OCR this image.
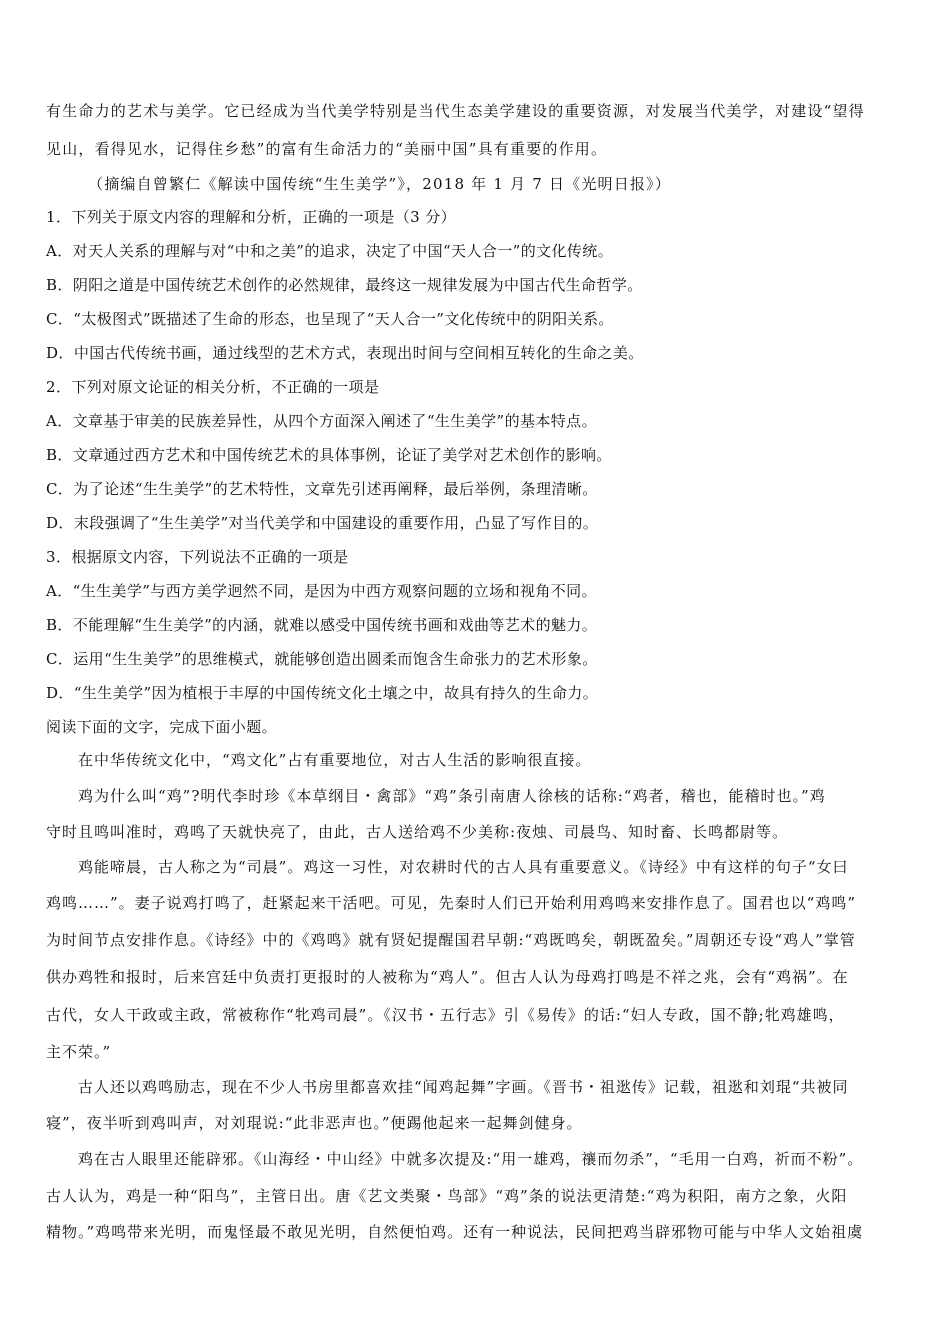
有生命力的艺术与美学。它已经成为当代美学特别是当代生态美学建设的重要资源，对发展当代美学，对建设“望得
见山，看得见水，记得住乡愁”的富有生命活力的“美丽中国”具有重要的作用。
（摘编自曾繁仁《解读中国传统“生生美学”》，2018 年 1 月 7 日《光明日报》）
1．下列关于原文内容的理解和分析，正确的一项是（3 分）
A．对天人关系的理解与对“中和之美”的追求，决定了中国“天人合一”的文化传统。
B．阴阳之道是中国传统艺术创作的必然规律，最终这一规律发展为中国古代生命哲学。
C．“太极图式”既描述了生命的形态，也呈现了“天人合一”文化传统中的阴阳关系。
D．中国古代传统书画，通过线型的艺术方式，表现出时间与空间相互转化的生命之美。
2．下列对原文论证的相关分析，不正确的一项是
A．文章基于审美的民族差异性，从四个方面深入阐述了“生生美学”的基本特点。
B．文章通过西方艺术和中国传统艺术的具体事例，论证了美学对艺术创作的影响。
C．为了论述“生生美学”的艺术特性，文章先引述再阐释，最后举例，条理清晰。
D．末段强调了“生生美学”对当代美学和中国建设的重要作用，凸显了写作目的。
3．根据原文内容，下列说法不正确的一项是
A．“生生美学”与西方美学迥然不同，是因为中西方观察问题的立场和视角不同。
B．不能理解“生生美学”的内涵，就难以感受中国传统书画和戏曲等艺术的魅力。
C．运用“生生美学”的思维模式，就能够创造出圆柔而饱含生命张力的艺术形象。
D．“生生美学”因为植根于丰厚的中国传统文化土壤之中，故具有持久的生命力。
阅读下面的文字，完成下面小题。
在中华传统文化中，“鸡文化”占有重要地位，对古人生活的影响很直接。
鸡为什么叫“鸡”?明代李时珍《本草纲目・禽部》“鸡”条引南唐人徐核的话称:“鸡者，稽也，能稽时也。”鸡
守时且鸣叫准时，鸡鸣了天就快亮了，由此，古人送给鸡不少美称:夜烛、司晨鸟、知时畜、长鸣都尉等。
鸡能啼晨，古人称之为“司晨”。鸡这一习性，对农耕时代的古人具有重要意义。《诗经》中有这样的句子“女曰
鸡鸣……”。妻子说鸡打鸣了，赶紧起来干活吧。可见，先秦时人们已开始利用鸡鸣来安排作息了。国君也以“鸡鸣”
为时间节点安排作息。《诗经》中的《鸡鸣》就有贤妃提醒国君早朝:“鸡既鸣矣，朝既盈矣。”周朝还专设“鸡人”掌管
供办鸡牲和报时，后来宫廷中负责打更报时的人被称为“鸡人”。但古人认为母鸡打鸣是不祥之兆，会有“鸡祸”。在
古代，女人干政或主政，常被称作“牝鸡司晨”。《汉书・五行志》引《易传》的话:“妇人专政，国不静;牝鸡雄鸣，
主不荣。”
古人还以鸡鸣励志，现在不少人书房里都喜欢挂“闻鸡起舞”字画。《晋书・祖逖传》记载，祖逖和刘琨“共被同
寝”，夜半听到鸡叫声，对刘琨说:“此非恶声也。”便踢他起来一起舞剑健身。
鸡在古人眼里还能辟邪。《山海经・中山经》中就多次提及:“用一雄鸡，禳而勿杀”，“毛用一白鸡，祈而不粉”。
古人认为，鸡是一种“阳鸟”，主管日出。唐《艺文类聚・鸟部》“鸡”条的说法更清楚:“鸡为积阳，南方之象，火阳
精物。”鸡鸣带来光明，而鬼怪最不敢见光明，自然便怕鸡。还有一种说法，民间把鸡当辟邪物可能与中华人文始祖虞
